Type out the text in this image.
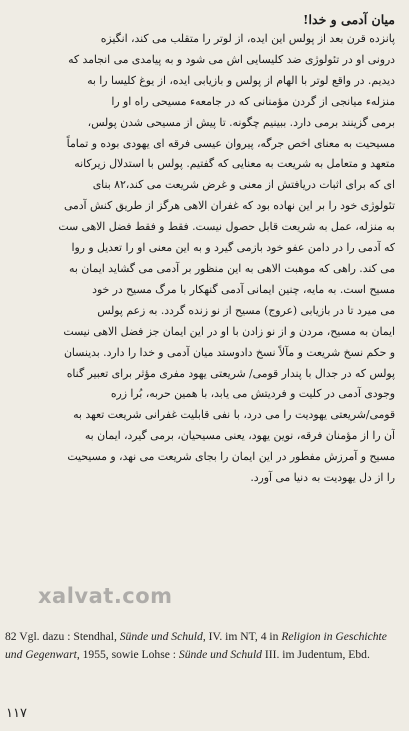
میان آدمی و خدا!
پانزده قرن بعد از پولس این ایده، از لوتر را متقلب می کند، انگیزه
درونی او در تئولوژی ضد کلیسایی اش می شود و به پیامدی می انجامد که
دیدیم. در واقع لوتر با الهام از پولس و بازیابی ایده، از یوغ کلیسا را به
منزلهء میانجی از گردن مؤمنانی که در جامعهء مسیحی راه او را
برمی گزینند برمی دارد. ببینیم چگونه. تا پیش از مسیحی شدن پولس،
مسیحیت به معنای اخص جرگه، پیروان عیسی فرقه ای یهودی بوده و تماماً
متعهد و متعامل به شریعت به معنایی که گفتیم. پولس با استدلال زیرکانه
ای که برای اثبات دریافتش از معنی و غرض شریعت می کند،۸۲ بنای
تئولوژی خود را بر این نهاده بود که غفران الاهی هرگز از طریق کنش آدمی
به منزله، عمل به شریعت قابل حصول نیست. فقط و فقط فضل الاهی ست
که آدمی را در دامن عفو خود بازمی گیرد و به این معنی او را تعدیل و روا
می کند. راهی که موهبت الاهی به این منظور بر آدمی می گشاید ایمان به
مسیح است. به مایه، چنین ایمانی آدمی گنهکار با مرگ مسیح در خود
می میرد تا در بازیابی (عروج) مسیح از نو زنده گردد. به زعم پولس
ایمان به مسیح، مردن و از نو زادن با او در این ایمان جز فضل الاهی نیست
و حکم نسخ شریعت و مآلاً نسخ دادوستد میان آدمی و خدا را دارد. بدینسان
پولس که در جدال با پندار قومی/ شریعتی یهود مفری مؤثر برای تعبیر گناه
وجودی آدمی در کلیت و فردیتش می یابد، با همین حربه، بُرا زره
قومی/شریعتی یهودیت را می درد، با نفی قابلیت غفرانی شریعت تعهد به
آن را از مؤمنان فرقه، نوین یهود، یعنی مسیحیان، برمی گیرد، ایمان به
مسیح و آمرزش مفطور در این ایمان را بجای شریعت می نهد، و مسیحیت
را از دل یهودیت به دنیا می آورد.
xalvat.com
82 Vgl. dazu : Stendhal, Sünde und Schuld, IV. im NT, 4 in Religion in Geschichte und Gegenwart, 1955, sowie Lohse : Sünde und Schuld III. im Judentum, Ebd.
۱۱۷
